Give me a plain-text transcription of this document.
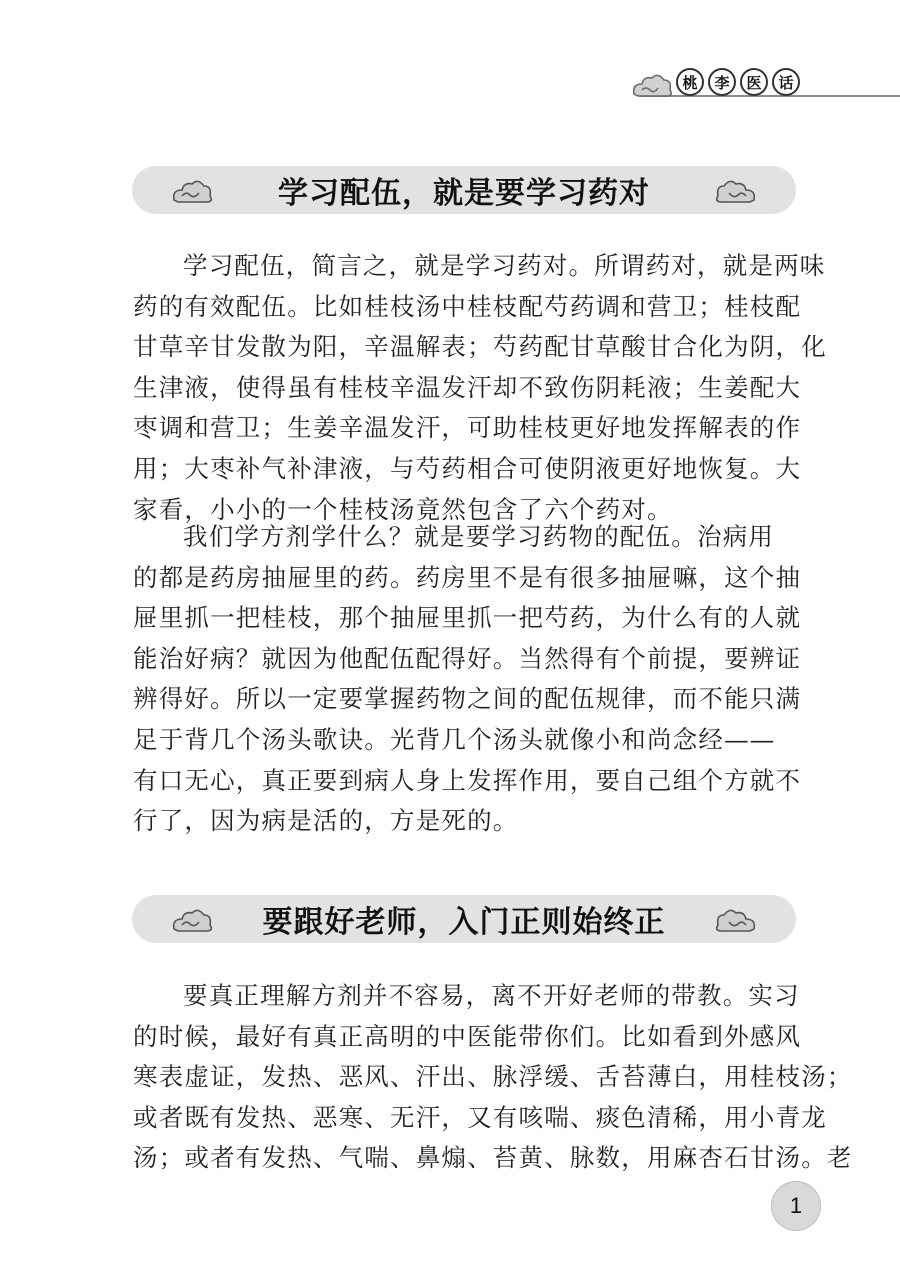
桃	李	医	话
学习配伍，就是要学习药对

学习配伍，简言之，就是学习药对。所谓药对，就是两味
药的有效配伍。比如桂枝汤中桂枝配芍药调和营卫；桂枝配
甘草辛甘发散为阳，辛温解表；芍药配甘草酸甘合化为阴，化
生津液，使得虽有桂枝辛温发汗却不致伤阴耗液；生姜配大
枣调和营卫；生姜辛温发汗，可助桂枝更好地发挥解表的作
用；大枣补气补津液，与芍药相合可使阴液更好地恢复。大
家看，小小的一个桂枝汤竟然包含了六个药对。

我们学方剂学什么？就是要学习药物的配伍。治病用
的都是药房抽屉里的药。药房里不是有很多抽屉嘛，这个抽
屉里抓一把桂枝，那个抽屉里抓一把芍药，为什么有的人就
能治好病？就因为他配伍配得好。当然得有个前提，要辨证
辨得好。所以一定要掌握药物之间的配伍规律，而不能只满
足于背几个汤头歌诀。光背几个汤头就像小和尚念经——
有口无心，真正要到病人身上发挥作用，要自己组个方就不
行了，因为病是活的，方是死的。

要跟好老师，入门正则始终正

要真正理解方剂并不容易，离不开好老师的带教。实习
的时候，最好有真正高明的中医能带你们。比如看到外感风
寒表虚证，发热、恶风、汗出、脉浮缓、舌苔薄白，用桂枝汤；
或者既有发热、恶寒、无汗，又有咳喘、痰色清稀，用小青龙
汤；或者有发热、气喘、鼻煽、苔黄、脉数，用麻杏石甘汤。老

1
